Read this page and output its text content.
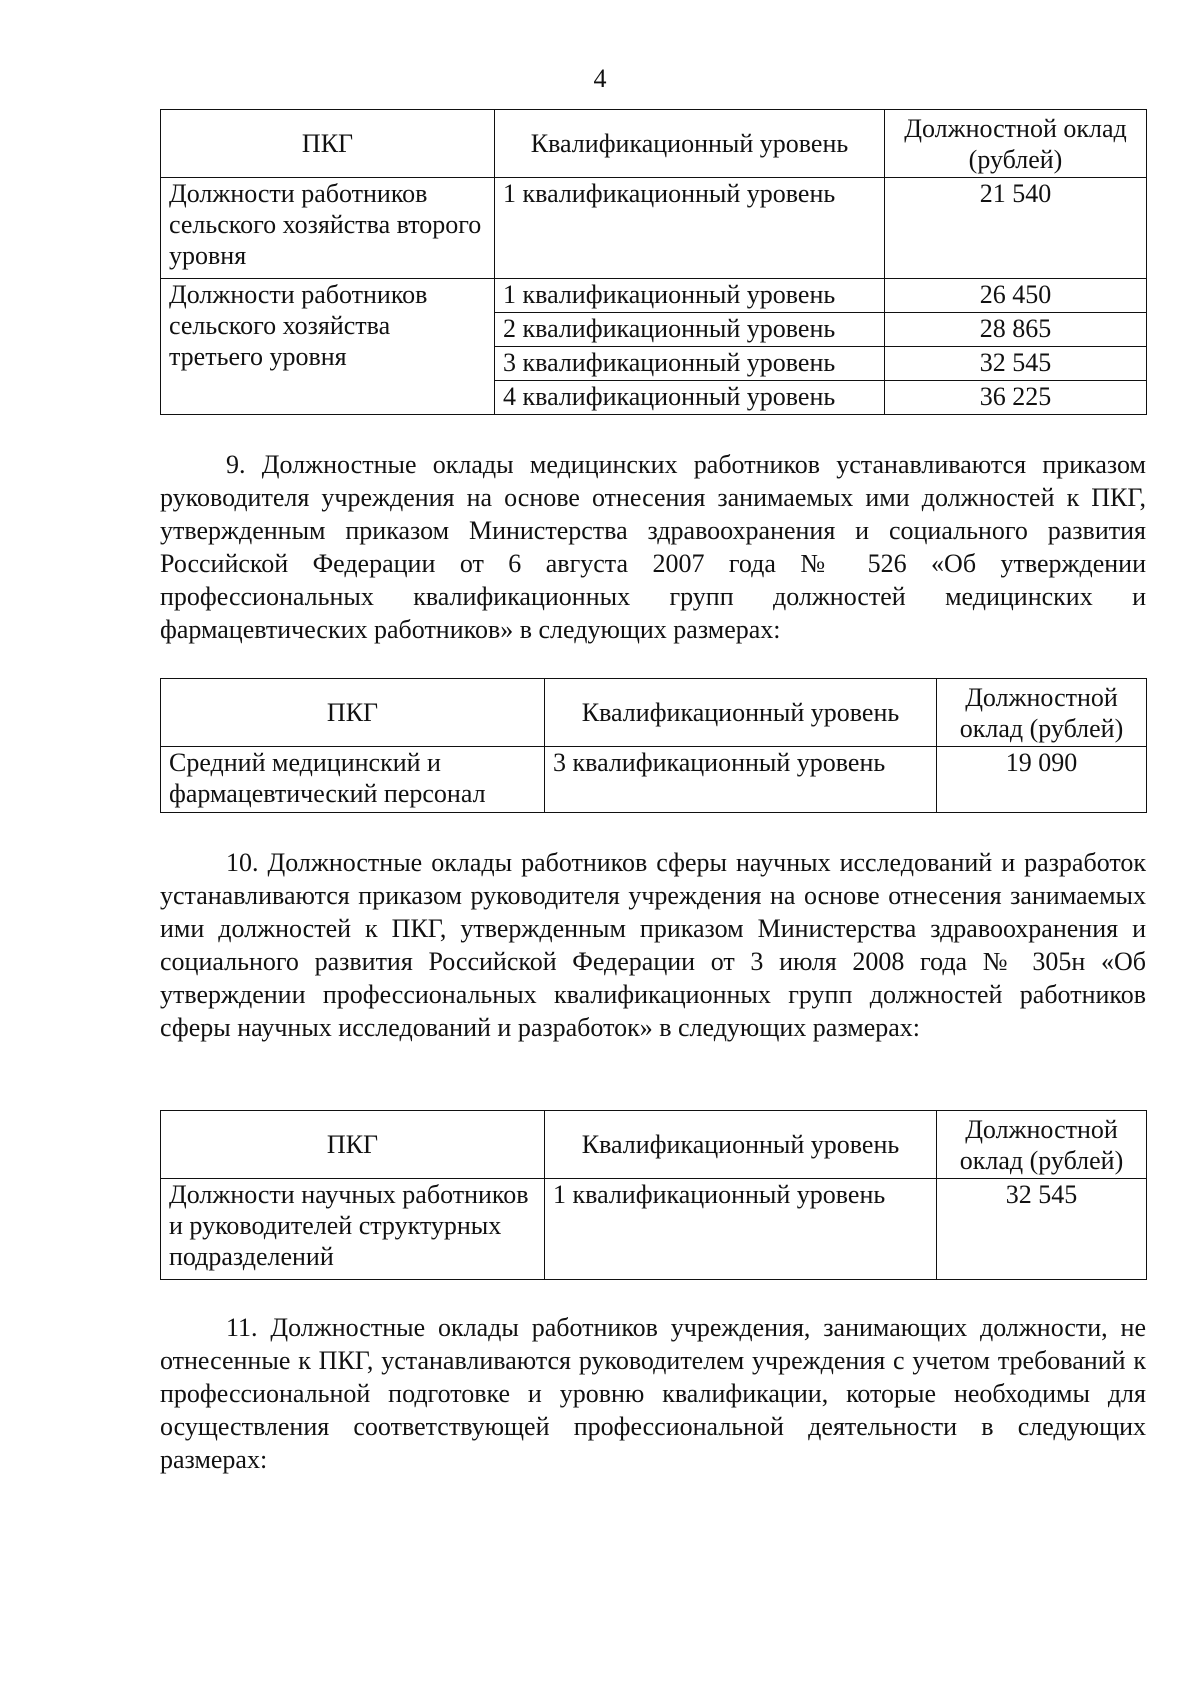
4
ПКГ	Квалификационный уровень	Должностной оклад (рублей)
Должности работников сельского хозяйства второго уровня	1 квалификационный уровень	21 540
Должности работников сельского хозяйства третьего уровня	1 квалификационный уровень	26 450
	2 квалификационный уровень	28 865
	3 квалификационный уровень	32 545
	4 квалификационный уровень	36 225

9. Должностные оклады медицинских работников устанавливаются приказом руководителя учреждения на основе отнесения занимаемых ими должностей к ПКГ, утвержденным приказом Министерства здравоохранения и социального развития Российской Федерации от 6 августа 2007 года № 526 «Об утверждении профессиональных квалификационных групп должностей медицинских и фармацевтических работников» в следующих размерах:

ПКГ	Квалификационный уровень	Должностной оклад (рублей)
Средний медицинский и фармацевтический персонал	3 квалификационный уровень	19 090

10. Должностные оклады работников сферы научных исследований и разработок устанавливаются приказом руководителя учреждения на основе отнесения занимаемых ими должностей к ПКГ, утвержденным приказом Министерства здравоохранения и социального развития Российской Федерации от 3 июля 2008 года № 305н «Об утверждении профессиональных квалификационных групп должностей работников сферы научных исследований и разработок» в следующих размерах:

ПКГ	Квалификационный уровень	Должностной оклад (рублей)
Должности научных работников и руководителей структурных подразделений	1 квалификационный уровень	32 545

11. Должностные оклады работников учреждения, занимающих должности, не отнесенные к ПКГ, устанавливаются руководителем учреждения с учетом требований к профессиональной подготовке и уровню квалификации, которые необходимы для осуществления соответствующей профессиональной деятельности в следующих размерах:
